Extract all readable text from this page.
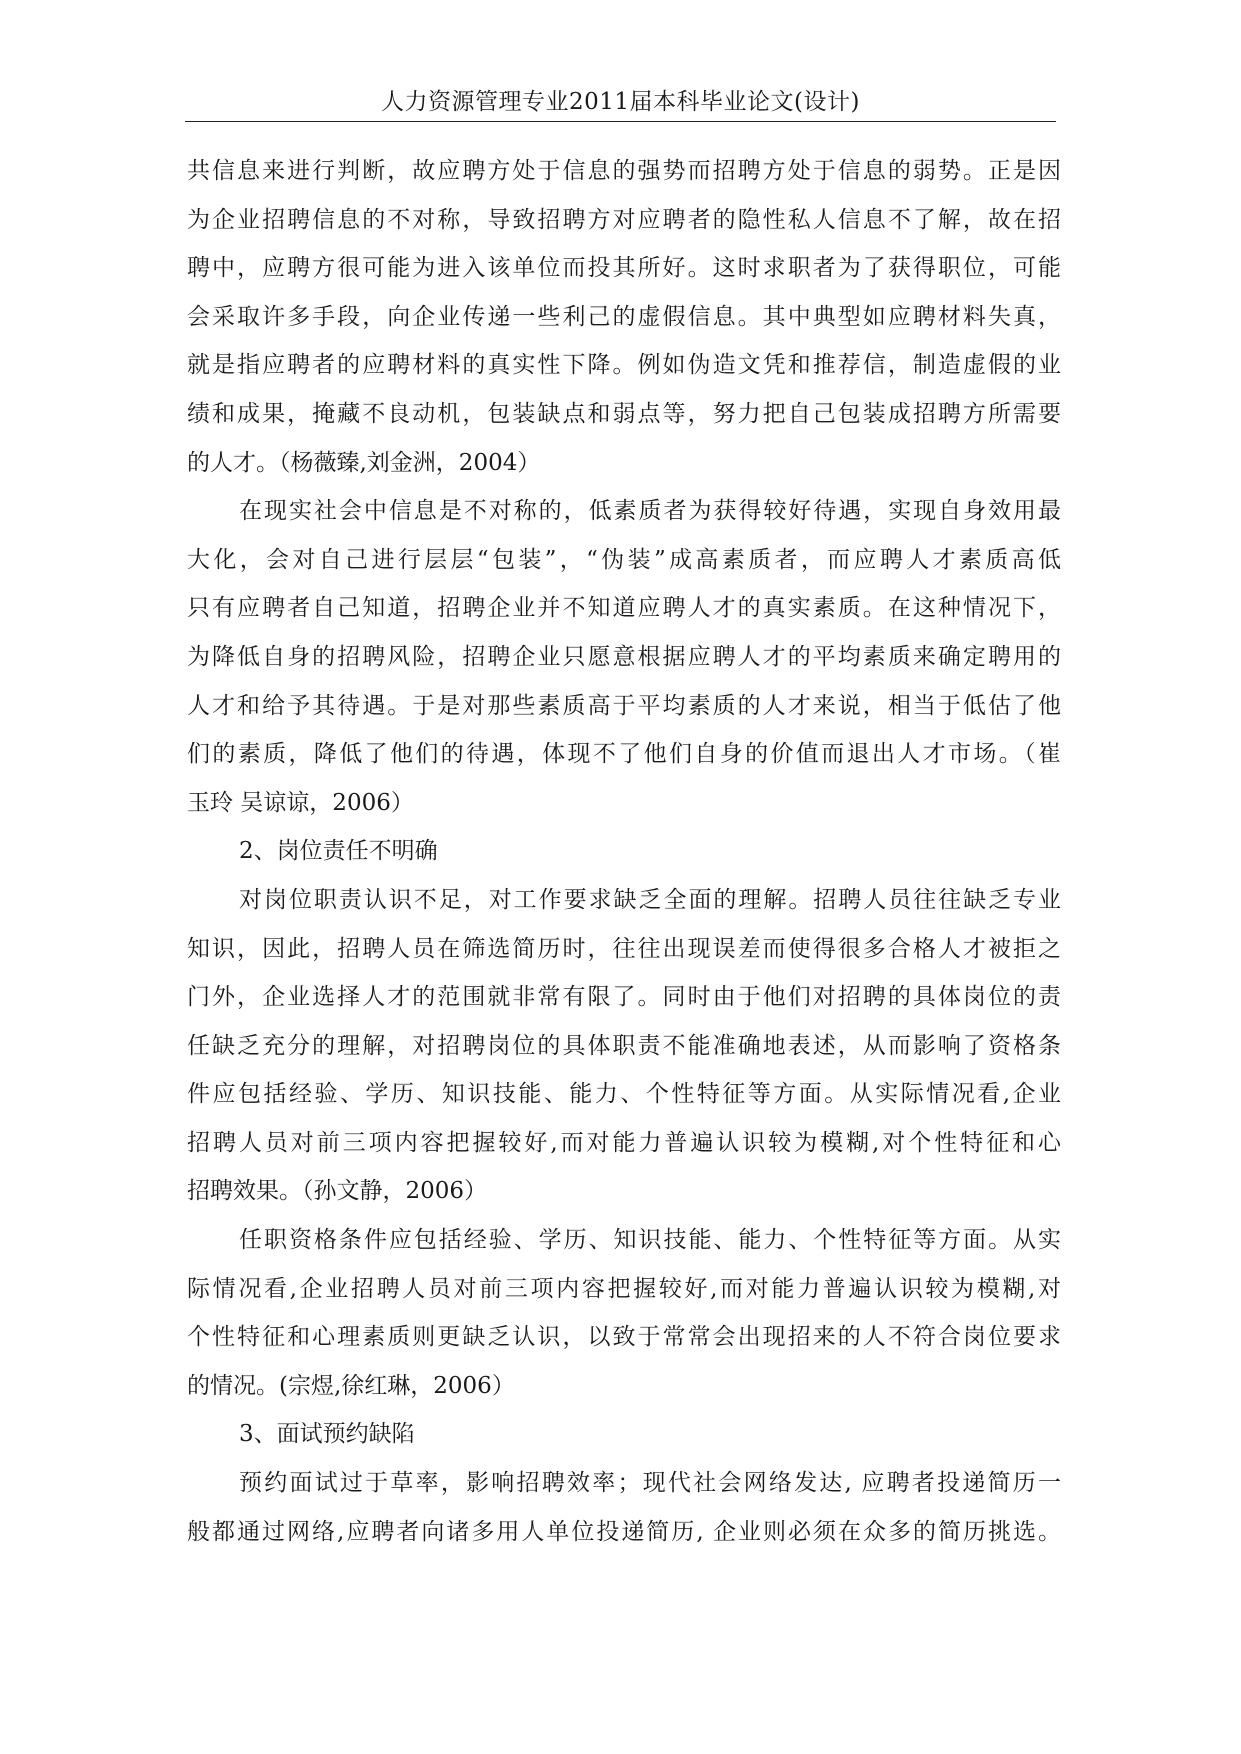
人力资源管理专业2011届本科毕业论文(设计)
共信息来进行判断，故应聘方处于信息的强势而招聘方处于信息的弱势。正是因
为企业招聘信息的不对称，导致招聘方对应聘者的隐性私人信息不了解，故在招
聘中，应聘方很可能为进入该单位而投其所好。这时求职者为了获得职位，可能
会采取许多手段，向企业传递一些利己的虚假信息。其中典型如应聘材料失真，
就是指应聘者的应聘材料的真实性下降。例如伪造文凭和推荐信，制造虚假的业
绩和成果，掩藏不良动机，包装缺点和弱点等，努力把自己包装成招聘方所需要
的人才。（杨薇臻,刘金洲，2004）
在现实社会中信息是不对称的，低素质者为获得较好待遇，实现自身效用最
大化，会对自己进行层层“包装”，“伪装”成高素质者，而应聘人才素质高低
只有应聘者自己知道，招聘企业并不知道应聘人才的真实素质。在这种情况下，
为降低自身的招聘风险，招聘企业只愿意根据应聘人才的平均素质来确定聘用的
人才和给予其待遇。于是对那些素质高于平均素质的人才来说，相当于低估了他
们的素质，降低了他们的待遇，体现不了他们自身的价值而退出人才市场。（崔
玉玲 吴谅谅，2006）
2、岗位责任不明确
对岗位职责认识不足，对工作要求缺乏全面的理解。招聘人员往往缺乏专业
知识，因此，招聘人员在筛选简历时，往往出现误差而使得很多合格人才被拒之
门外，企业选择人才的范围就非常有限了。同时由于他们对招聘的具体岗位的责
任缺乏充分的理解，对招聘岗位的具体职责不能准确地表述，从而影响了资格条
件应包括经验、学历、知识技能、能力、个性特征等方面。从实际情况看,企业
招聘人员对前三项内容把握较好,而对能力普遍认识较为模糊,对个性特征和心
招聘效果。（孙文静，2006）
任职资格条件应包括经验、学历、知识技能、能力、个性特征等方面。从实
际情况看,企业招聘人员对前三项内容把握较好,而对能力普遍认识较为模糊,对
个性特征和心理素质则更缺乏认识，以致于常常会出现招来的人不符合岗位要求
的情况。(宗煜,徐红琳，2006）
3、面试预约缺陷
预约面试过于草率，影响招聘效率；现代社会网络发达, 应聘者投递简历一
般都通过网络,应聘者向诸多用人单位投递简历, 企业则必须在众多的简历挑选。
